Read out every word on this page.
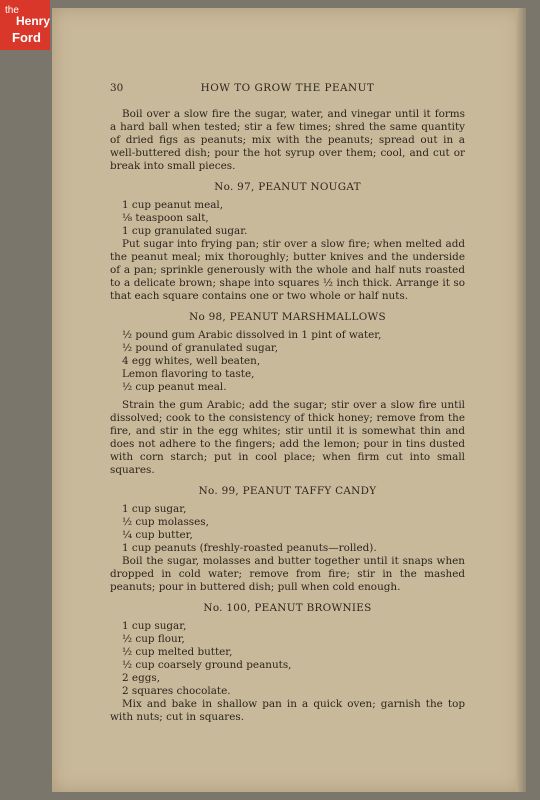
the
Henry
Ford
30	HOW TO GROW THE PEANUT

Boil over a slow fire the sugar, water, and vinegar until it forms a hard ball when tested; stir a few times; shred the same quantity of dried figs as peanuts; mix with the peanuts; spread out in a well-buttered dish; pour the hot syrup over them; cool, and cut or break into small pieces.

No. 97, PEANUT NOUGAT
1 cup peanut meal,
⅛ teaspoon salt,
1 cup granulated sugar.

Put sugar into frying pan; stir over a slow fire; when melted add the peanut meal; mix thoroughly; butter knives and the underside of a pan; sprinkle generously with the whole and half nuts roasted to a delicate brown; shape into squares ½ inch thick. Arrange it so that each square contains one or two whole or half nuts.

No 98, PEANUT MARSHMALLOWS
½ pound gum Arabic dissolved in 1 pint of water,
½ pound of granulated sugar,
4 egg whites, well beaten,
Lemon flavoring to taste,
½ cup peanut meal.

Strain the gum Arabic; add the sugar; stir over a slow fire until dissolved; cook to the consistency of thick honey; remove from the fire, and stir in the egg whites; stir until it is somewhat thin and does not adhere to the fingers; add the lemon; pour in tins dusted with corn starch; put in cool place; when firm cut into small squares.

No. 99, PEANUT TAFFY CANDY
1 cup sugar,
½ cup molasses,
¼ cup butter,
1 cup peanuts (freshly-roasted peanuts—rolled).

Boil the sugar, molasses and butter together until it snaps when dropped in cold water; remove from fire; stir in the mashed peanuts; pour in buttered dish; pull when cold enough.

No. 100, PEANUT BROWNIES
1 cup sugar,
½ cup flour,
½ cup melted butter,
½ cup coarsely ground peanuts,
2 eggs,
2 squares chocolate.

Mix and bake in shallow pan in a quick oven; garnish the top with nuts; cut in squares.
